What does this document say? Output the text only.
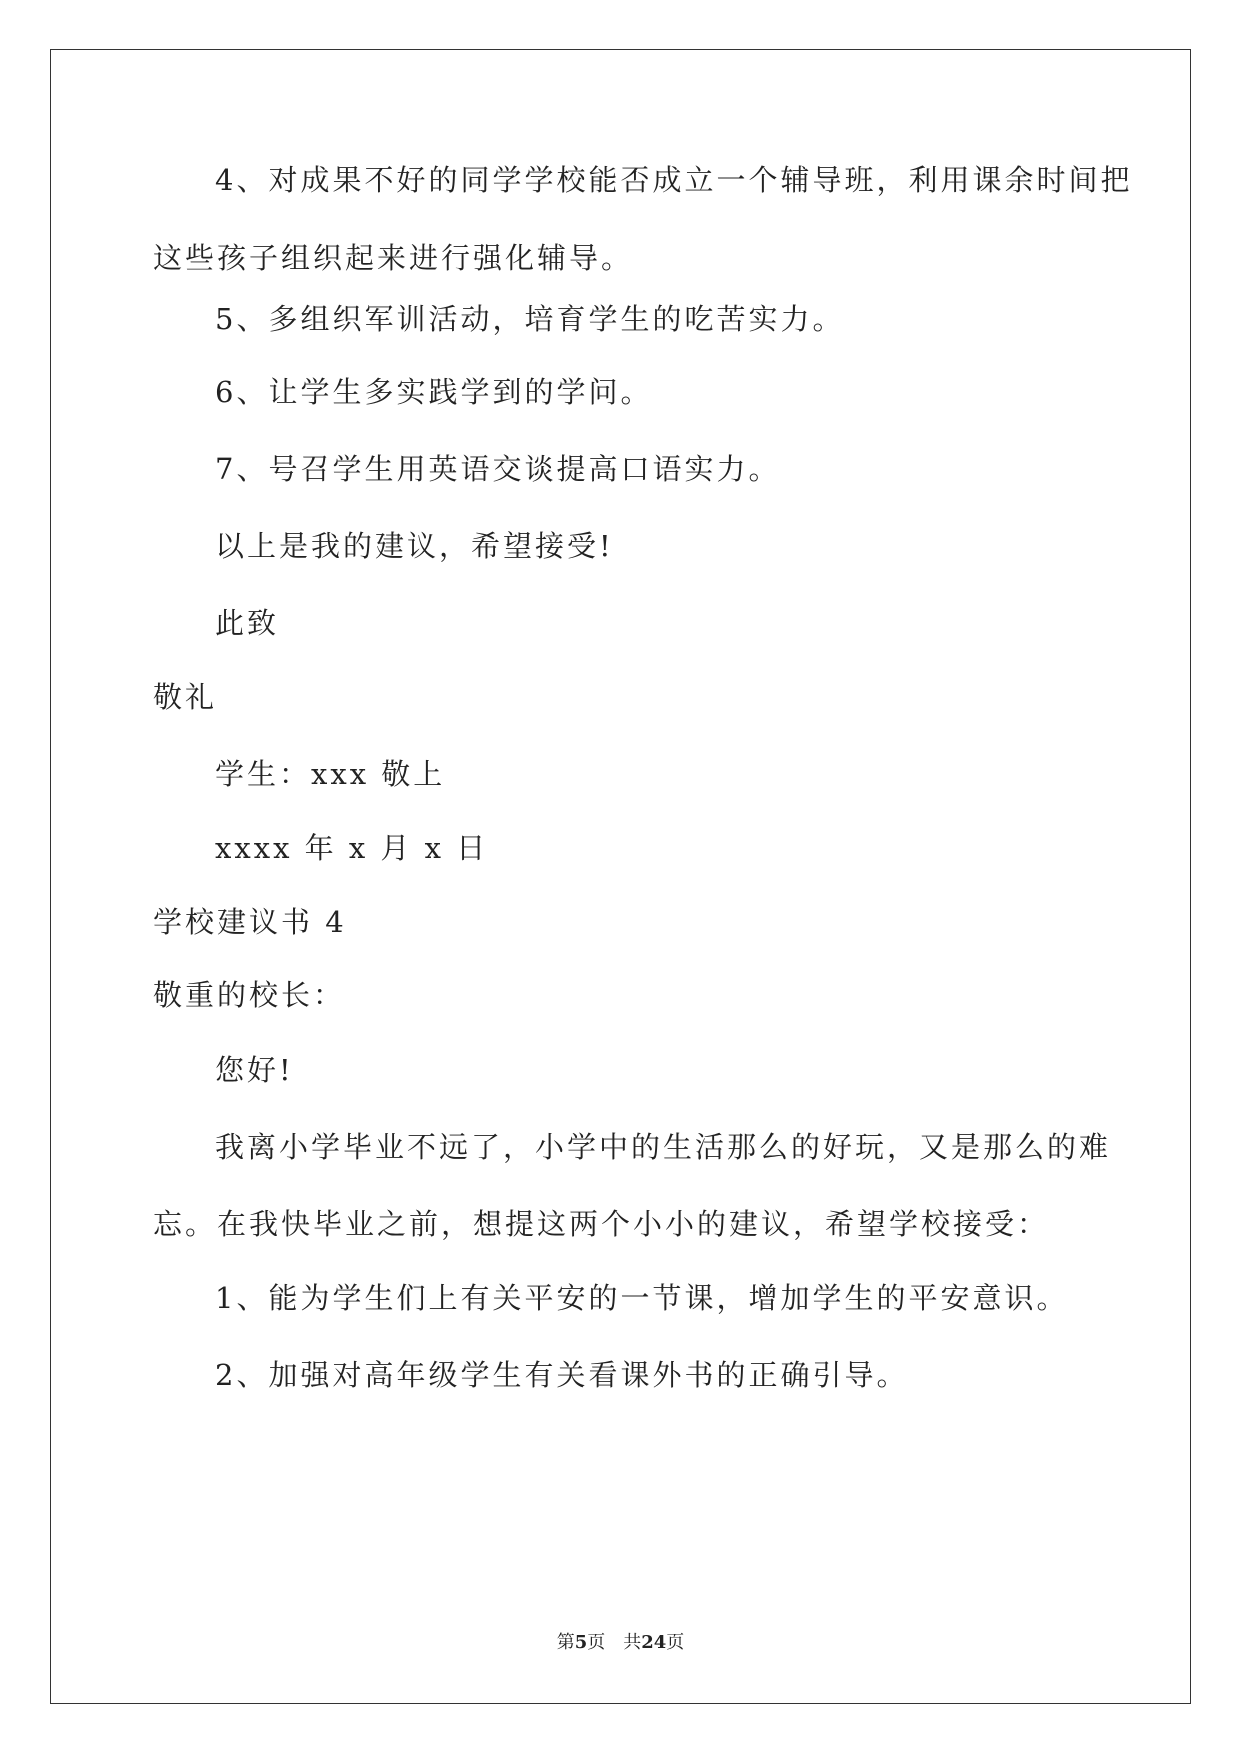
4、对成果不好的同学学校能否成立一个辅导班，利用课余时间把
这些孩子组织起来进行强化辅导。
5、多组织军训活动，培育学生的吃苦实力。
6、让学生多实践学到的学问。
7、号召学生用英语交谈提高口语实力。
以上是我的建议，希望接受!
此致
敬礼
学生：xxx 敬上
xxxx 年 x 月 x 日
学校建议书 4
敬重的校长：
您好!
我离小学毕业不远了，小学中的生活那么的好玩，又是那么的难
忘。在我快毕业之前，想提这两个小小的建议，希望学校接受：
1、能为学生们上有关平安的一节课，增加学生的平安意识。
2、加强对高年级学生有关看课外书的正确引导。
第5页 共24页
